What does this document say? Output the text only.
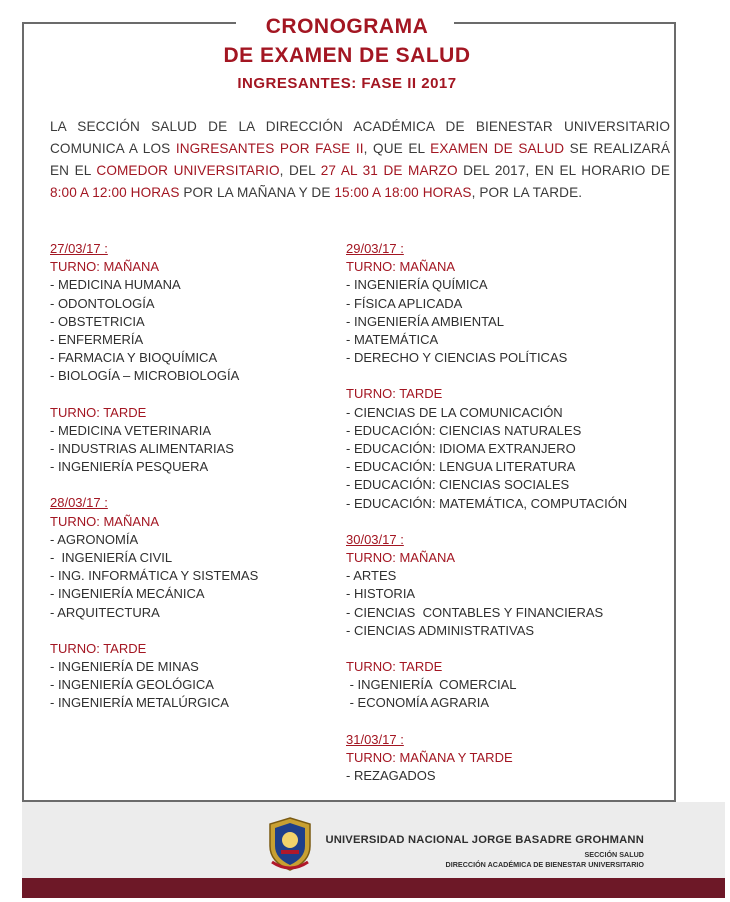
CRONOGRAMA
DE EXAMEN DE SALUD
INGRESANTES: FASE II 2017
LA SECCIÓN SALUD DE LA DIRECCIÓN ACADÉMICA DE BIENESTAR UNIVERSITARIO COMUNICA A LOS INGRESANTES POR FASE II, QUE EL EXAMEN DE SALUD SE REALIZARÁ EN EL COMEDOR UNIVERSITARIO, DEL 27 AL 31 DE MARZO DEL 2017, EN EL HORARIO DE 8:00 A 12:00 HORAS POR LA MAÑANA Y DE 15:00 A 18:00 HORAS, POR LA TARDE.
27/03/17 :
TURNO: MAÑANA
- MEDICINA HUMANA
- ODONTOLOGÍA
- OBSTETRICIA
- ENFERMERÍA
- FARMACIA Y BIOQUÍMICA
- BIOLOGÍA – MICROBIOLOGÍA
TURNO: TARDE
- MEDICINA VETERINARIA
- INDUSTRIAS ALIMENTARIAS
- INGENIERÍA PESQUERA
28/03/17 :
TURNO: MAÑANA
- AGRONOMÍA
-  INGENIERÍA CIVIL
- ING. INFORMÁTICA Y SISTEMAS
- INGENIERÍA MECÁNICA
- ARQUITECTURA
TURNO: TARDE
- INGENIERÍA DE MINAS
- INGENIERÍA GEOLÓGICA
- INGENIERÍA METALÚRGICA
29/03/17 :
TURNO: MAÑANA
- INGENIERÍA QUÍMICA
- FÍSICA APLICADA
- INGENIERÍA AMBIENTAL
- MATEMÁTICA
- DERECHO Y CIENCIAS POLÍTICAS
TURNO: TARDE
- CIENCIAS DE LA COMUNICACIÓN
- EDUCACIÓN: CIENCIAS NATURALES
- EDUCACIÓN: IDIOMA EXTRANJERO
- EDUCACIÓN: LENGUA LITERATURA
- EDUCACIÓN: CIENCIAS SOCIALES
- EDUCACIÓN: MATEMÁTICA, COMPUTACIÓN
30/03/17 :
TURNO: MAÑANA
- ARTES
- HISTORIA
- CIENCIAS  CONTABLES Y FINANCIERAS
- CIENCIAS ADMINISTRATIVAS
TURNO: TARDE
- INGENIERÍA  COMERCIAL
- ECONOMÍA AGRARIA
31/03/17 :
TURNO: MAÑANA Y TARDE
- REZAGADOS
UNIVERSIDAD NACIONAL JORGE BASADRE GROHMANN
SECCIÓN SALUD
DIRECCIÓN ACADÉMICA DE BIENESTAR UNIVERSITARIO
